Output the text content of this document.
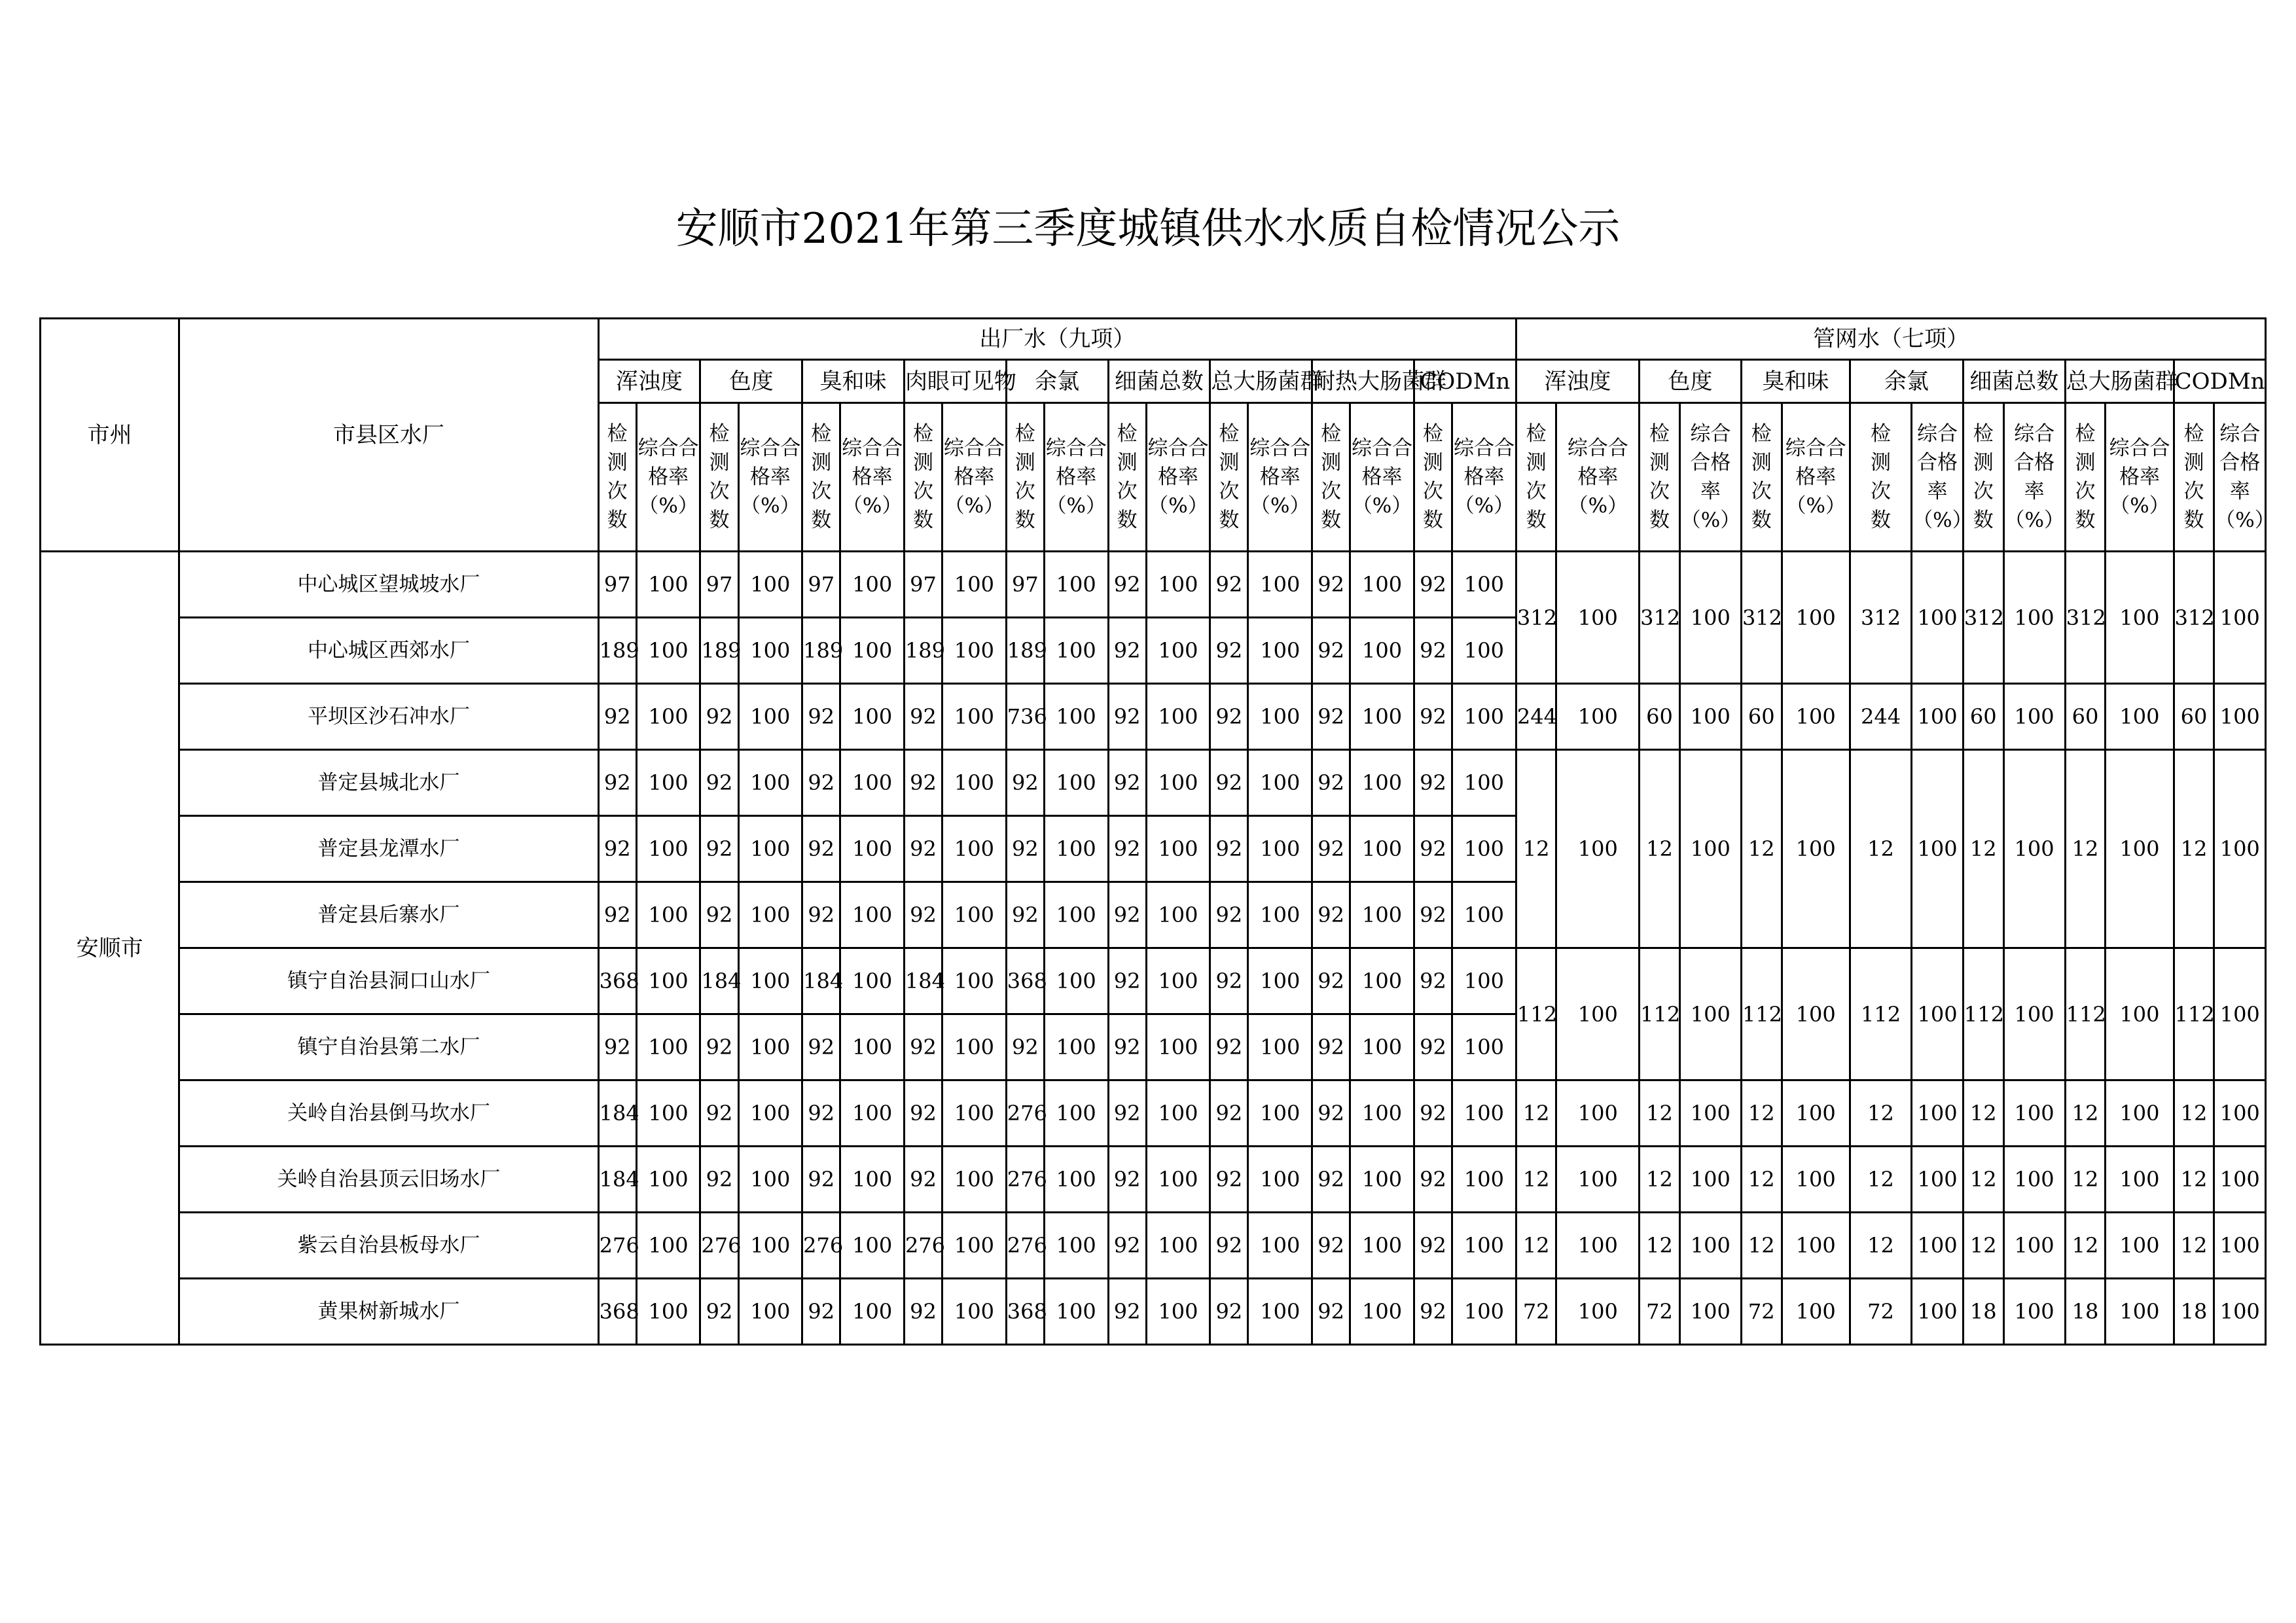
安顺市2021年第三季度城镇供水水质自检情况公示
市州	市县区水厂	出厂水（九项）																		管网水（七项）													
		浑浊度		色度		臭和味		肉眼可见物		余氯		细菌总数		总大肠菌群		耐热大肠菌群		CODMn		浑浊度		色度		臭和味		余氯		细菌总数		总大肠菌群		CODMn	
		检测次数	综合合格率（%）	检测次数	综合合格率（%）	检测次数	综合合格率（%）	检测次数	综合合格率（%）	检测次数	综合合格率（%）	检测次数	综合合格率（%）	检测次数	综合合格率（%）	检测次数	综合合格率（%）	检测次数	综合合格率（%）	检测次数	综合合格率（%）	检测次数	综合合格率（%）	检测次数	综合合格率（%）	检测次数	综合合格率（%）	检测次数	综合合格率（%）	检测次数	综合合格率（%）	检测次数	综合合格率（%）
安顺市	中心城区望城坡水厂	97	100	97	100	97	100	97	100	97	100	92	100	92	100	92	100	92	100	312	100	312	100	312	100	312	100	312	100	312	100	312	100
	中心城区西郊水厂	189	100	189	100	189	100	189	100	189	100	92	100	92	100	92	100	92	100														
	平坝区沙石冲水厂	92	100	92	100	92	100	92	100	736	100	92	100	92	100	92	100	92	100	244	100	60	100	60	100	244	100	60	100	60	100	60	100
	普定县城北水厂	92	100	92	100	92	100	92	100	92	100	92	100	92	100	92	100	92	100	12	100	12	100	12	100	12	100	12	100	12	100	12	100
	普定县龙潭水厂	92	100	92	100	92	100	92	100	92	100	92	100	92	100	92	100	92	100														
	普定县后寨水厂	92	100	92	100	92	100	92	100	92	100	92	100	92	100	92	100	92	100														
	镇宁自治县洞口山水厂	368	100	184	100	184	100	184	100	368	100	92	100	92	100	92	100	92	100	112	100	112	100	112	100	112	100	112	100	112	100	112	100
	镇宁自治县第二水厂	92	100	92	100	92	100	92	100	92	100	92	100	92	100	92	100	92	100														
	关岭自治县倒马坎水厂	184	100	92	100	92	100	92	100	276	100	92	100	92	100	92	100	92	100	12	100	12	100	12	100	12	100	12	100	12	100	12	100
	关岭自治县顶云旧场水厂	184	100	92	100	92	100	92	100	276	100	92	100	92	100	92	100	92	100	12	100	12	100	12	100	12	100	12	100	12	100	12	100
	紫云自治县板母水厂	276	100	276	100	276	100	276	100	276	100	92	100	92	100	92	100	92	100	12	100	12	100	12	100	12	100	12	100	12	100	12	100
	黄果树新城水厂	368	100	92	100	92	100	92	100	368	100	92	100	92	100	92	100	92	100	72	100	72	100	72	100	72	100	18	100	18	100	18	100
